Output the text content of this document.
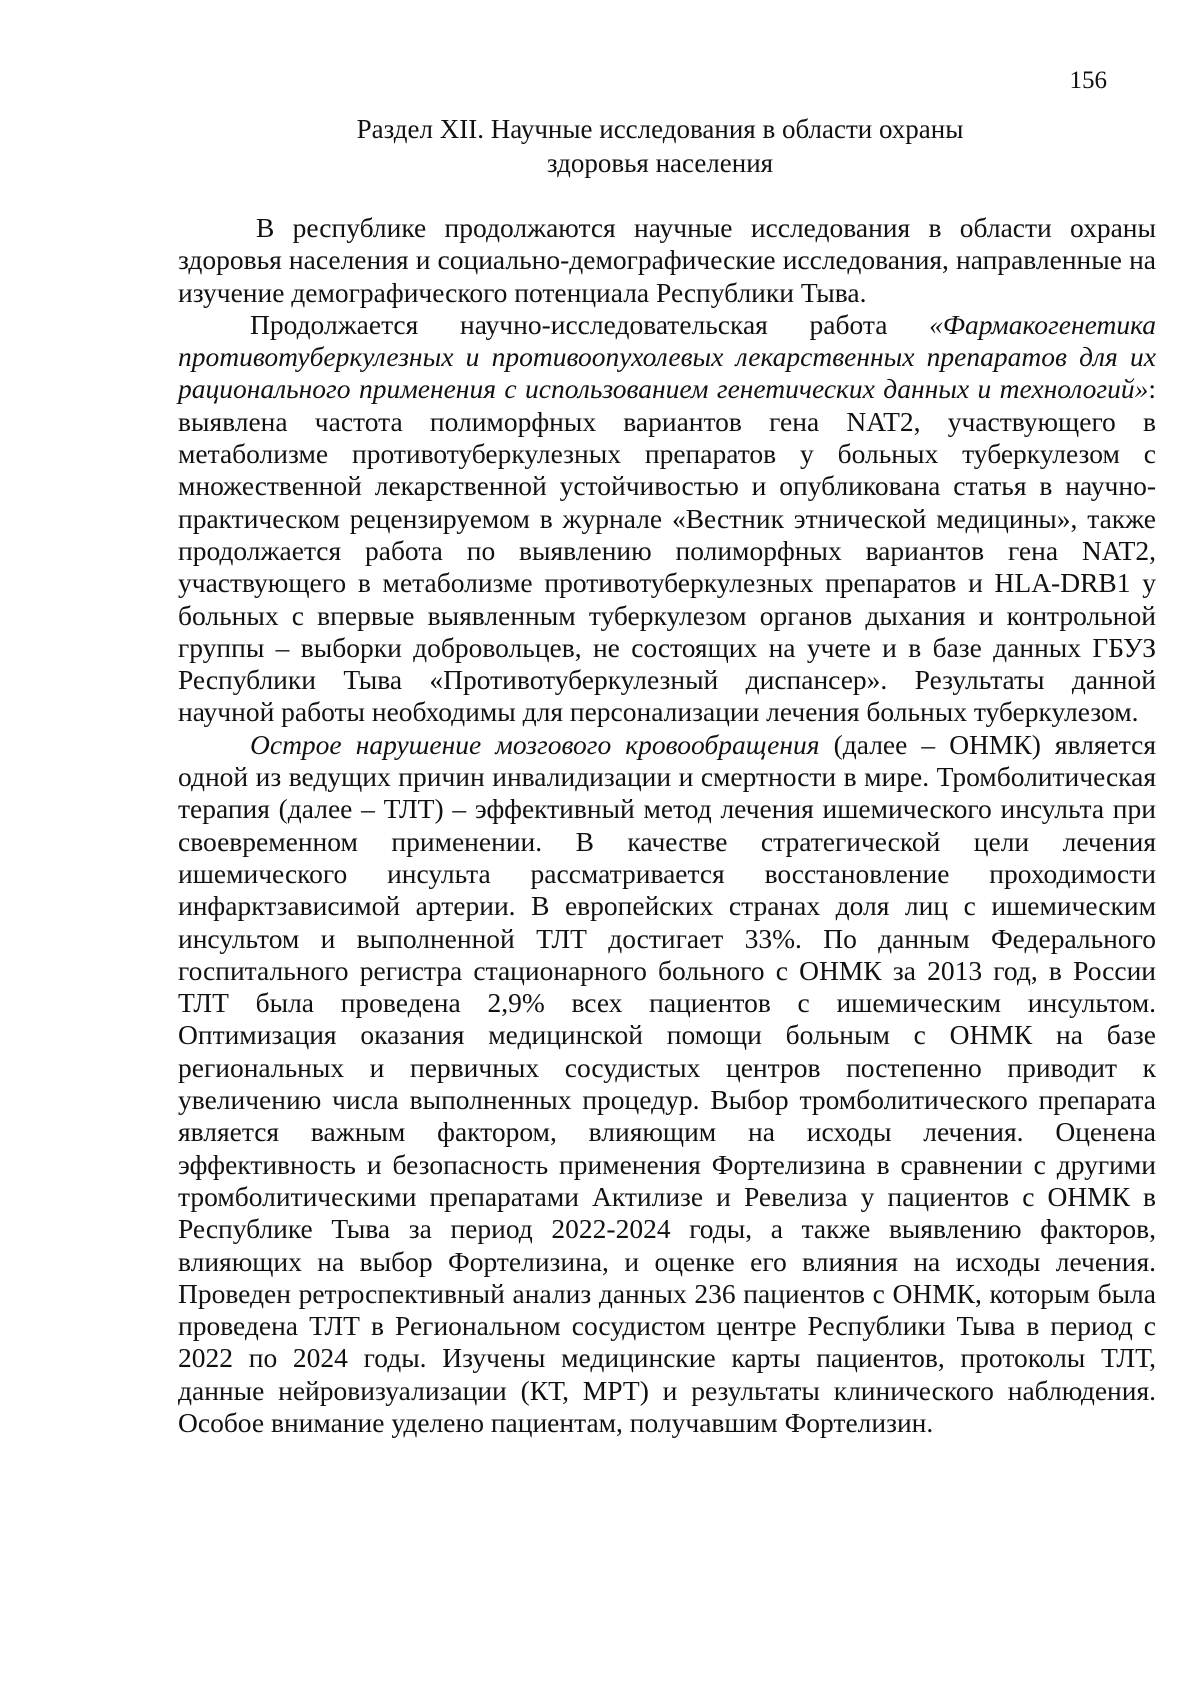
156
Раздел XII. Научные исследования в области охраны
здоровья населения

В республике продолжаются научные исследования в области охраны здоровья населения и социально-демографические исследования, направленные на изучение демографического потенциала Республики Тыва.

Продолжается научно-исследовательская работа «Фармакогенетика противотуберкулезных и противоопухолевых лекарственных препаратов для их рационального применения с использованием генетических данных и технологий»: выявлена частота полиморфных вариантов гена NAT2, участвующего в метаболизме противотуберкулезных препаратов у больных туберкулезом с множественной лекарственной устойчивостью и опубликована статья в научно-практическом рецензируемом в журнале «Вестник этнической медицины», также продолжается работа по выявлению полиморфных вариантов гена NAT2, участвующего в метаболизме противотуберкулезных препаратов и HLA-DRB1 у больных с впервые выявленным туберкулезом органов дыхания и контрольной группы – выборки добровольцев, не состоящих на учете и в базе данных ГБУЗ Республики Тыва «Противотуберкулезный диспансер». Результаты данной научной работы необходимы для персонализации лечения больных туберкулезом.

Острое нарушение мозгового кровообращения (далее – ОНМК) является одной из ведущих причин инвалидизации и смертности в мире. Тромболитическая терапия (далее – ТЛТ) – эффективный метод лечения ишемического инсульта при своевременном применении. В качестве стратегической цели лечения ишемического инсульта рассматривается восстановление проходимости инфарктзависимой артерии. В европейских странах доля лиц с ишемическим инсультом и выполненной ТЛТ достигает 33%. По данным Федерального госпитального регистра стационарного больного с ОНМК за 2013 год, в России ТЛТ была проведена 2,9% всех пациентов с ишемическим инсультом. Оптимизация оказания медицинской помощи больным с ОНМК на базе региональных и первичных сосудистых центров постепенно приводит к увеличению числа выполненных процедур. Выбор тромболитического препарата является важным фактором, влияющим на исходы лечения. Оценена эффективность и безопасность применения Фортелизина в сравнении с другими тромболитическими препаратами Актилизе и Ревелиза у пациентов с ОНМК в Республике Тыва за период 2022-2024 годы, а также выявлению факторов, влияющих на выбор Фортелизина, и оценке его влияния на исходы лечения. Проведен ретроспективный анализ данных 236 пациентов с ОНМК, которым была проведена ТЛТ в Региональном сосудистом центре Республики Тыва в период с 2022 по 2024 годы. Изучены медицинские карты пациентов, протоколы ТЛТ, данные нейровизуализации (КТ, МРТ) и результаты клинического наблюдения. Особое внимание уделено пациентам, получавшим Фортелизин.
